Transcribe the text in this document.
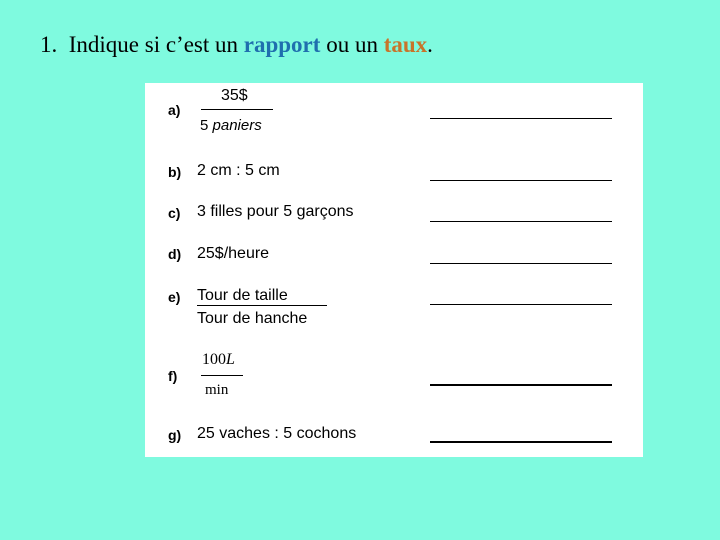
1. Indique si c’est un rapport ou un taux.
a)
35$
5 paniers
b) 2 cm : 5 cm
c) 3 filles pour 5 garçons
d) 25$/heure
e) Tour de taille
Tour de hanche
f)
100L
min
g) 25 vaches : 5 cochons
